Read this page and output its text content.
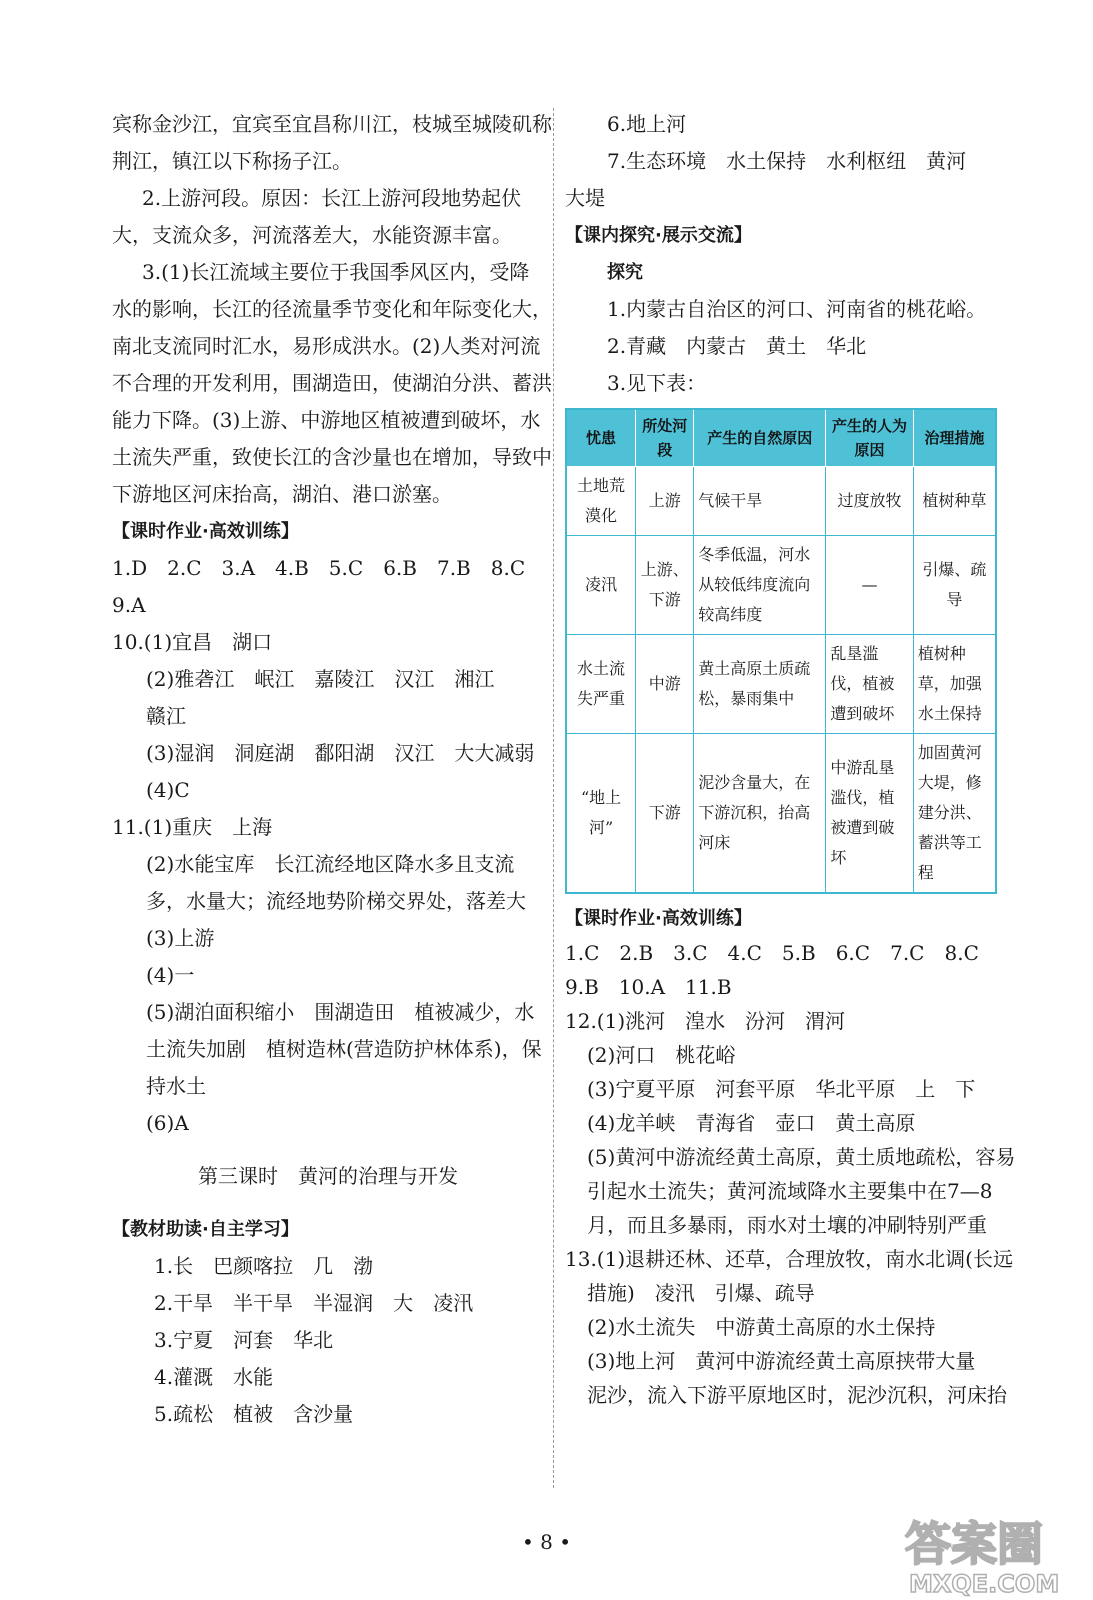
宾称金沙江，宜宾至宜昌称川江，枝城至城陵矶称
荆江，镇江以下称扬子江。
2.上游河段。原因：长江上游河段地势起伏
大，支流众多，河流落差大，水能资源丰富。
3.(1)长江流域主要位于我国季风区内，受降
水的影响，长江的径流量季节变化和年际变化大，
南北支流同时汇水，易形成洪水。(2)人类对河流
不合理的开发利用，围湖造田，使湖泊分洪、蓄洪
能力下降。(3)上游、中游地区植被遭到破坏，水
土流失严重，致使长江的含沙量也在增加，导致中
下游地区河床抬高，湖泊、港口淤塞。
【课时作业·高效训练】
1.D　2.C　3.A　4.B　5.C　6.B　7.B　8.C
9.A
10.(1)宜昌　湖口
(2)雅砻江　岷江　嘉陵江　汉江　湘江
赣江
(3)湿润　洞庭湖　鄱阳湖　汉江　大大减弱
(4)C
11.(1)重庆　上海
(2)水能宝库　长江流经地区降水多且支流
多，水量大；流经地势阶梯交界处，落差大
(3)上游
(4)一
(5)湖泊面积缩小　围湖造田　植被减少，水
土流失加剧　植树造林(营造防护林体系)，保
持水土
(6)A
第三课时　黄河的治理与开发
【教材助读·自主学习】
1.长　巴颜喀拉　几　渤
2.干旱　半干旱　半湿润　大　凌汛
3.宁夏　河套　华北
4.灌溉　水能
5.疏松　植被　含沙量
6.地上河
7.生态环境　水土保持　水利枢纽　黄河
大堤
【课内探究·展示交流】
探究
1.内蒙古自治区的河口、河南省的桃花峪。
2.青藏　内蒙古　黄土　华北
3.见下表：
忧患	所处河段	产生的自然原因	产生的人为原因	治理措施
土地荒漠化	上游	气候干旱	过度放牧	植树种草
凌汛	上游、下游	冬季低温，河水从较低纬度流向较高纬度	—	引爆、疏导
水土流失严重	中游	黄土高原土质疏松，暴雨集中	乱垦滥伐，植被遭到破坏	植树种草，加强水土保持
“地上河”	下游	泥沙含量大，在下游沉积，抬高河床	中游乱垦滥伐，植被遭到破坏	加固黄河大堤，修建分洪、蓄洪等工程
【课时作业·高效训练】
1.C　2.B　3.C　4.C　5.B　6.C　7.C　8.C
9.B　10.A　11.B
12.(1)洮河　湟水　汾河　渭河
(2)河口　桃花峪
(3)宁夏平原　河套平原　华北平原　上　下
(4)龙羊峡　青海省　壶口　黄土高原
(5)黄河中游流经黄土高原，黄土质地疏松，容易
引起水土流失；黄河流域降水主要集中在7—8
月，而且多暴雨，雨水对土壤的冲刷特别严重
13.(1)退耕还林、还草，合理放牧，南水北调(长远
措施)　凌汛　引爆、疏导
(2)水土流失　中游黄土高原的水土保持
(3)地上河　黄河中游流经黄土高原挟带大量
泥沙，流入下游平原地区时，泥沙沉积，河床抬
• 8 •	答案圈
MXQE.COM
